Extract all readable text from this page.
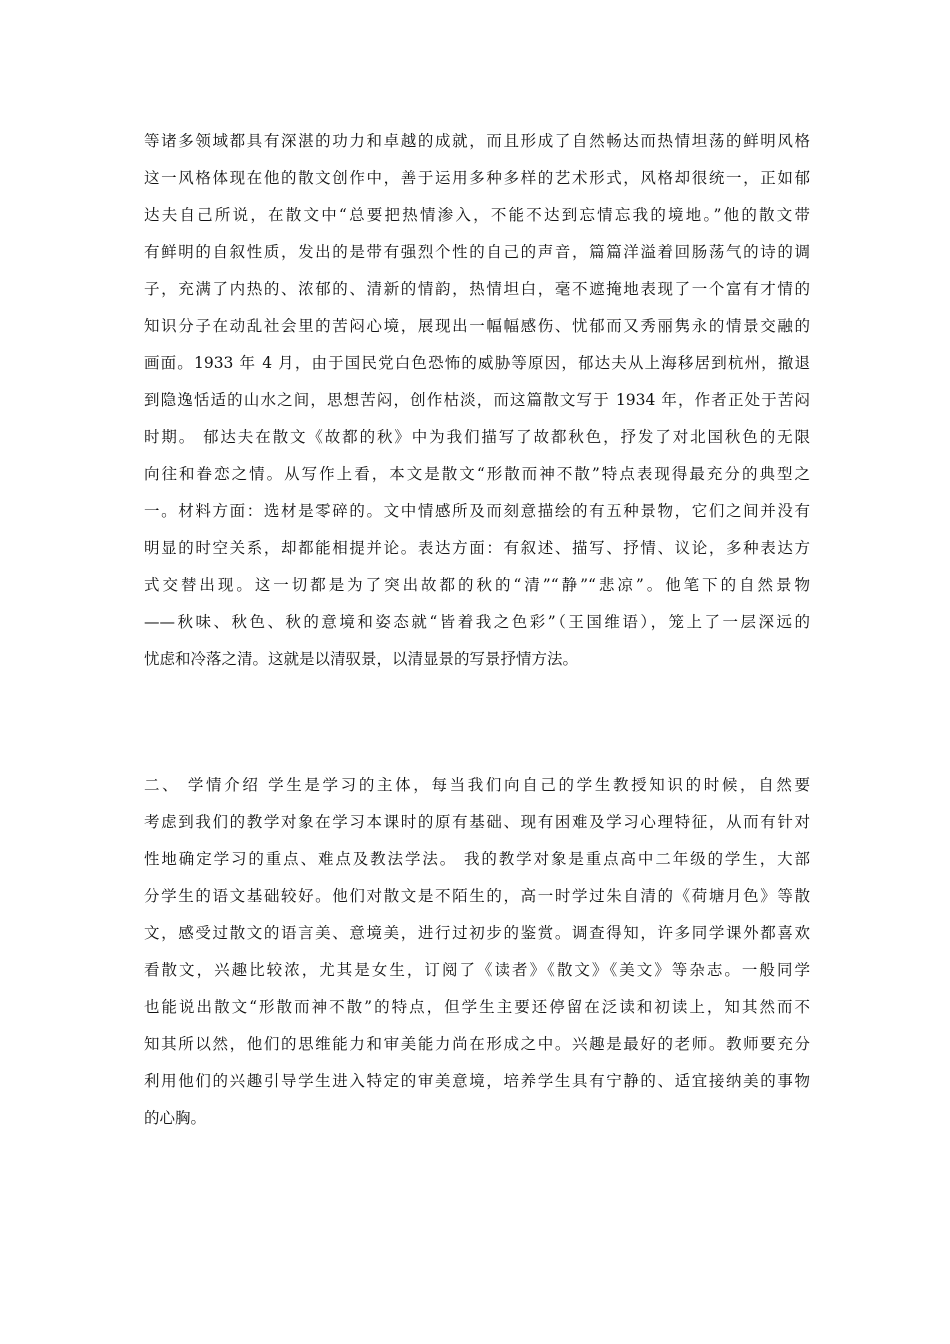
等诸多领域都具有深湛的功力和卓越的成就，而且形成了自然畅达而热情坦荡的鲜明风格
这一风格体现在他的散文创作中，善于运用多种多样的艺术形式，风格却很统一，正如郁
达夫自己所说，在散文中“总要把热情渗入，不能不达到忘情忘我的境地。”他的散文带
有鲜明的自叙性质，发出的是带有强烈个性的自己的声音，篇篇洋溢着回肠荡气的诗的调
子，充满了内热的、浓郁的、清新的情韵，热情坦白，毫不遮掩地表现了一个富有才情的
知识分子在动乱社会里的苦闷心境，展现出一幅幅感伤、忧郁而又秀丽隽永的情景交融的
画面。1933 年 4 月，由于国民党白色恐怖的威胁等原因，郁达夫从上海移居到杭州，撤退
到隐逸恬适的山水之间，思想苦闷，创作枯淡，而这篇散文写于 1934 年，作者正处于苦闷
时期。 郁达夫在散文《故都的秋》中为我们描写了故都秋色，抒发了对北国秋色的无限
向往和眷恋之情。从写作上看，本文是散文“形散而神不散”特点表现得最充分的典型之
一。材料方面：选材是零碎的。文中情感所及而刻意描绘的有五种景物，它们之间并没有
明显的时空关系，却都能相提并论。表达方面：有叙述、描写、抒情、议论，多种表达方
式交替出现。这一切都是为了突出故都的秋的“清”“静”“悲凉”。他笔下的自然景物
——秋味、秋色、秋的意境和姿态就“皆着我之色彩”（王国维语），笼上了一层深远的
忧虑和冷落之清。这就是以清驭景，以清显景的写景抒情方法。
二、 学情介绍 学生是学习的主体，每当我们向自己的学生教授知识的时候，自然要
考虑到我们的教学对象在学习本课时的原有基础、现有困难及学习心理特征，从而有针对
性地确定学习的重点、难点及教法学法。 我的教学对象是重点高中二年级的学生，大部
分学生的语文基础较好。他们对散文是不陌生的，高一时学过朱自清的《荷塘月色》等散
文，感受过散文的语言美、意境美，进行过初步的鉴赏。调查得知，许多同学课外都喜欢
看散文，兴趣比较浓，尤其是女生，订阅了《读者》《散文》《美文》等杂志。一般同学
也能说出散文“形散而神不散”的特点，但学生主要还停留在泛读和初读上，知其然而不
知其所以然，他们的思维能力和审美能力尚在形成之中。兴趣是最好的老师。教师要充分
利用他们的兴趣引导学生进入特定的审美意境，培养学生具有宁静的、适宜接纳美的事物
的心胸。
